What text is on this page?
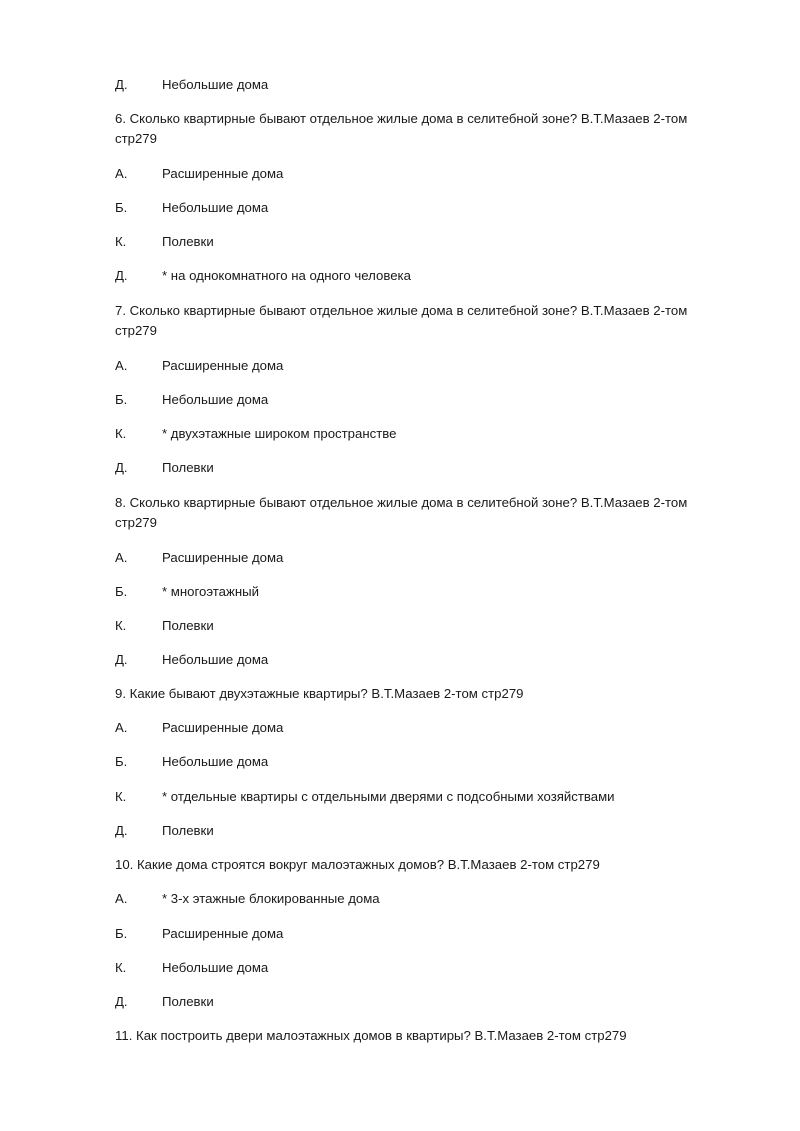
Д.	Небольшие дома
6. Сколько квартирные бывают отдельное жилые дома в селитебной зоне? В.Т.Мазаев 2-том стр279
А.	Расширенные дома
Б.	Небольшие дома
К.	Полевки
Д.	* на однокомнатного на одного человека
7. Сколько квартирные бывают отдельное жилые дома в селитебной зоне? В.Т.Мазаев 2-том стр279
А.	Расширенные дома
Б.	Небольшие дома
К.	* двухэтажные широком пространстве
Д.	Полевки
8. Сколько квартирные бывают отдельное жилые дома в селитебной зоне? В.Т.Мазаев 2-том стр279
А.	Расширенные дома
Б.	* многоэтажный
К.	Полевки
Д.	Небольшие дома
9. Какие бывают двухэтажные квартиры? В.Т.Мазаев 2-том стр279
А.	Расширенные дома
Б.	Небольшие дома
К.	* отдельные квартиры с отдельными дверями с подсобными хозяйствами
Д.	Полевки
10. Какие дома строятся вокруг малоэтажных домов? В.Т.Мазаев 2-том стр279
А.	* 3-х этажные блокированные дома
Б.	Расширенные дома
К.	Небольшие дома
Д.	Полевки
11. Как построить двери малоэтажных домов в квартиры? В.Т.Мазаев 2-том стр279
